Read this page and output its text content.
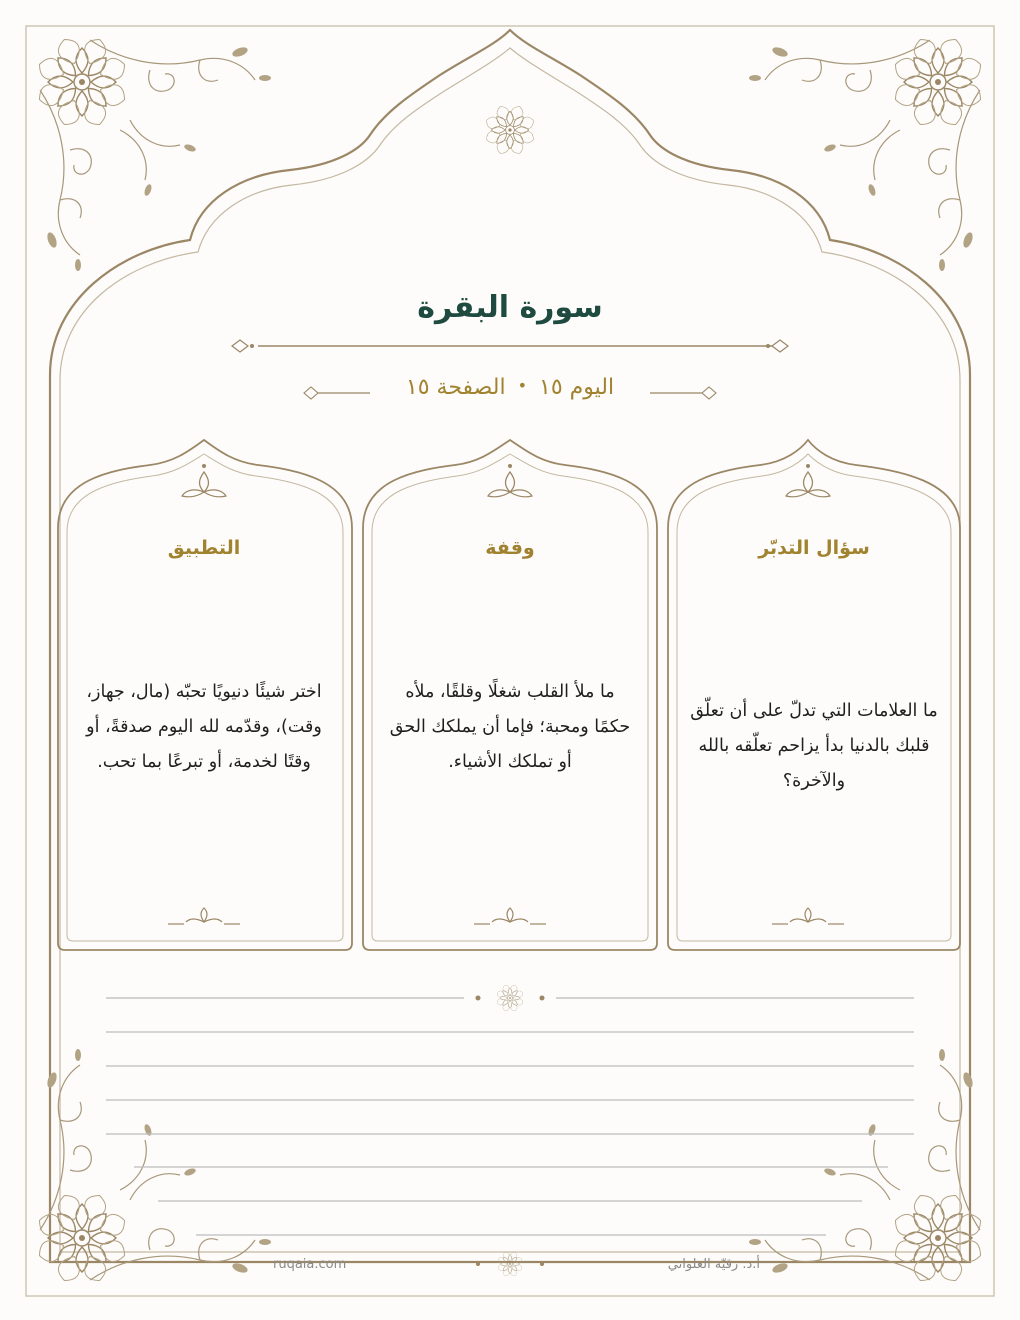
سورة البقرة
اليوم ١٥•الصفحة ١٥
سؤال التدبّر
وقفة
التطبيق
ما العلامات التي تدلّ على أن تعلّق قلبك بالدنيا بدأ يزاحم تعلّقه بالله والآخرة؟
ما ملأ القلب شغلًا وقلقًا، ملأه حكمًا ومحبة؛ فإما أن يملكك الحق أو تملكك الأشياء.
اختر شيئًا دنيويًا تحبّه (مال، جهاز، وقت)، وقدّمه لله اليوم صدقةً، أو وقتًا لخدمة، أو تبرعًا بما تحب.
ruqaia.com	أ.د. رقيّة العلواني
